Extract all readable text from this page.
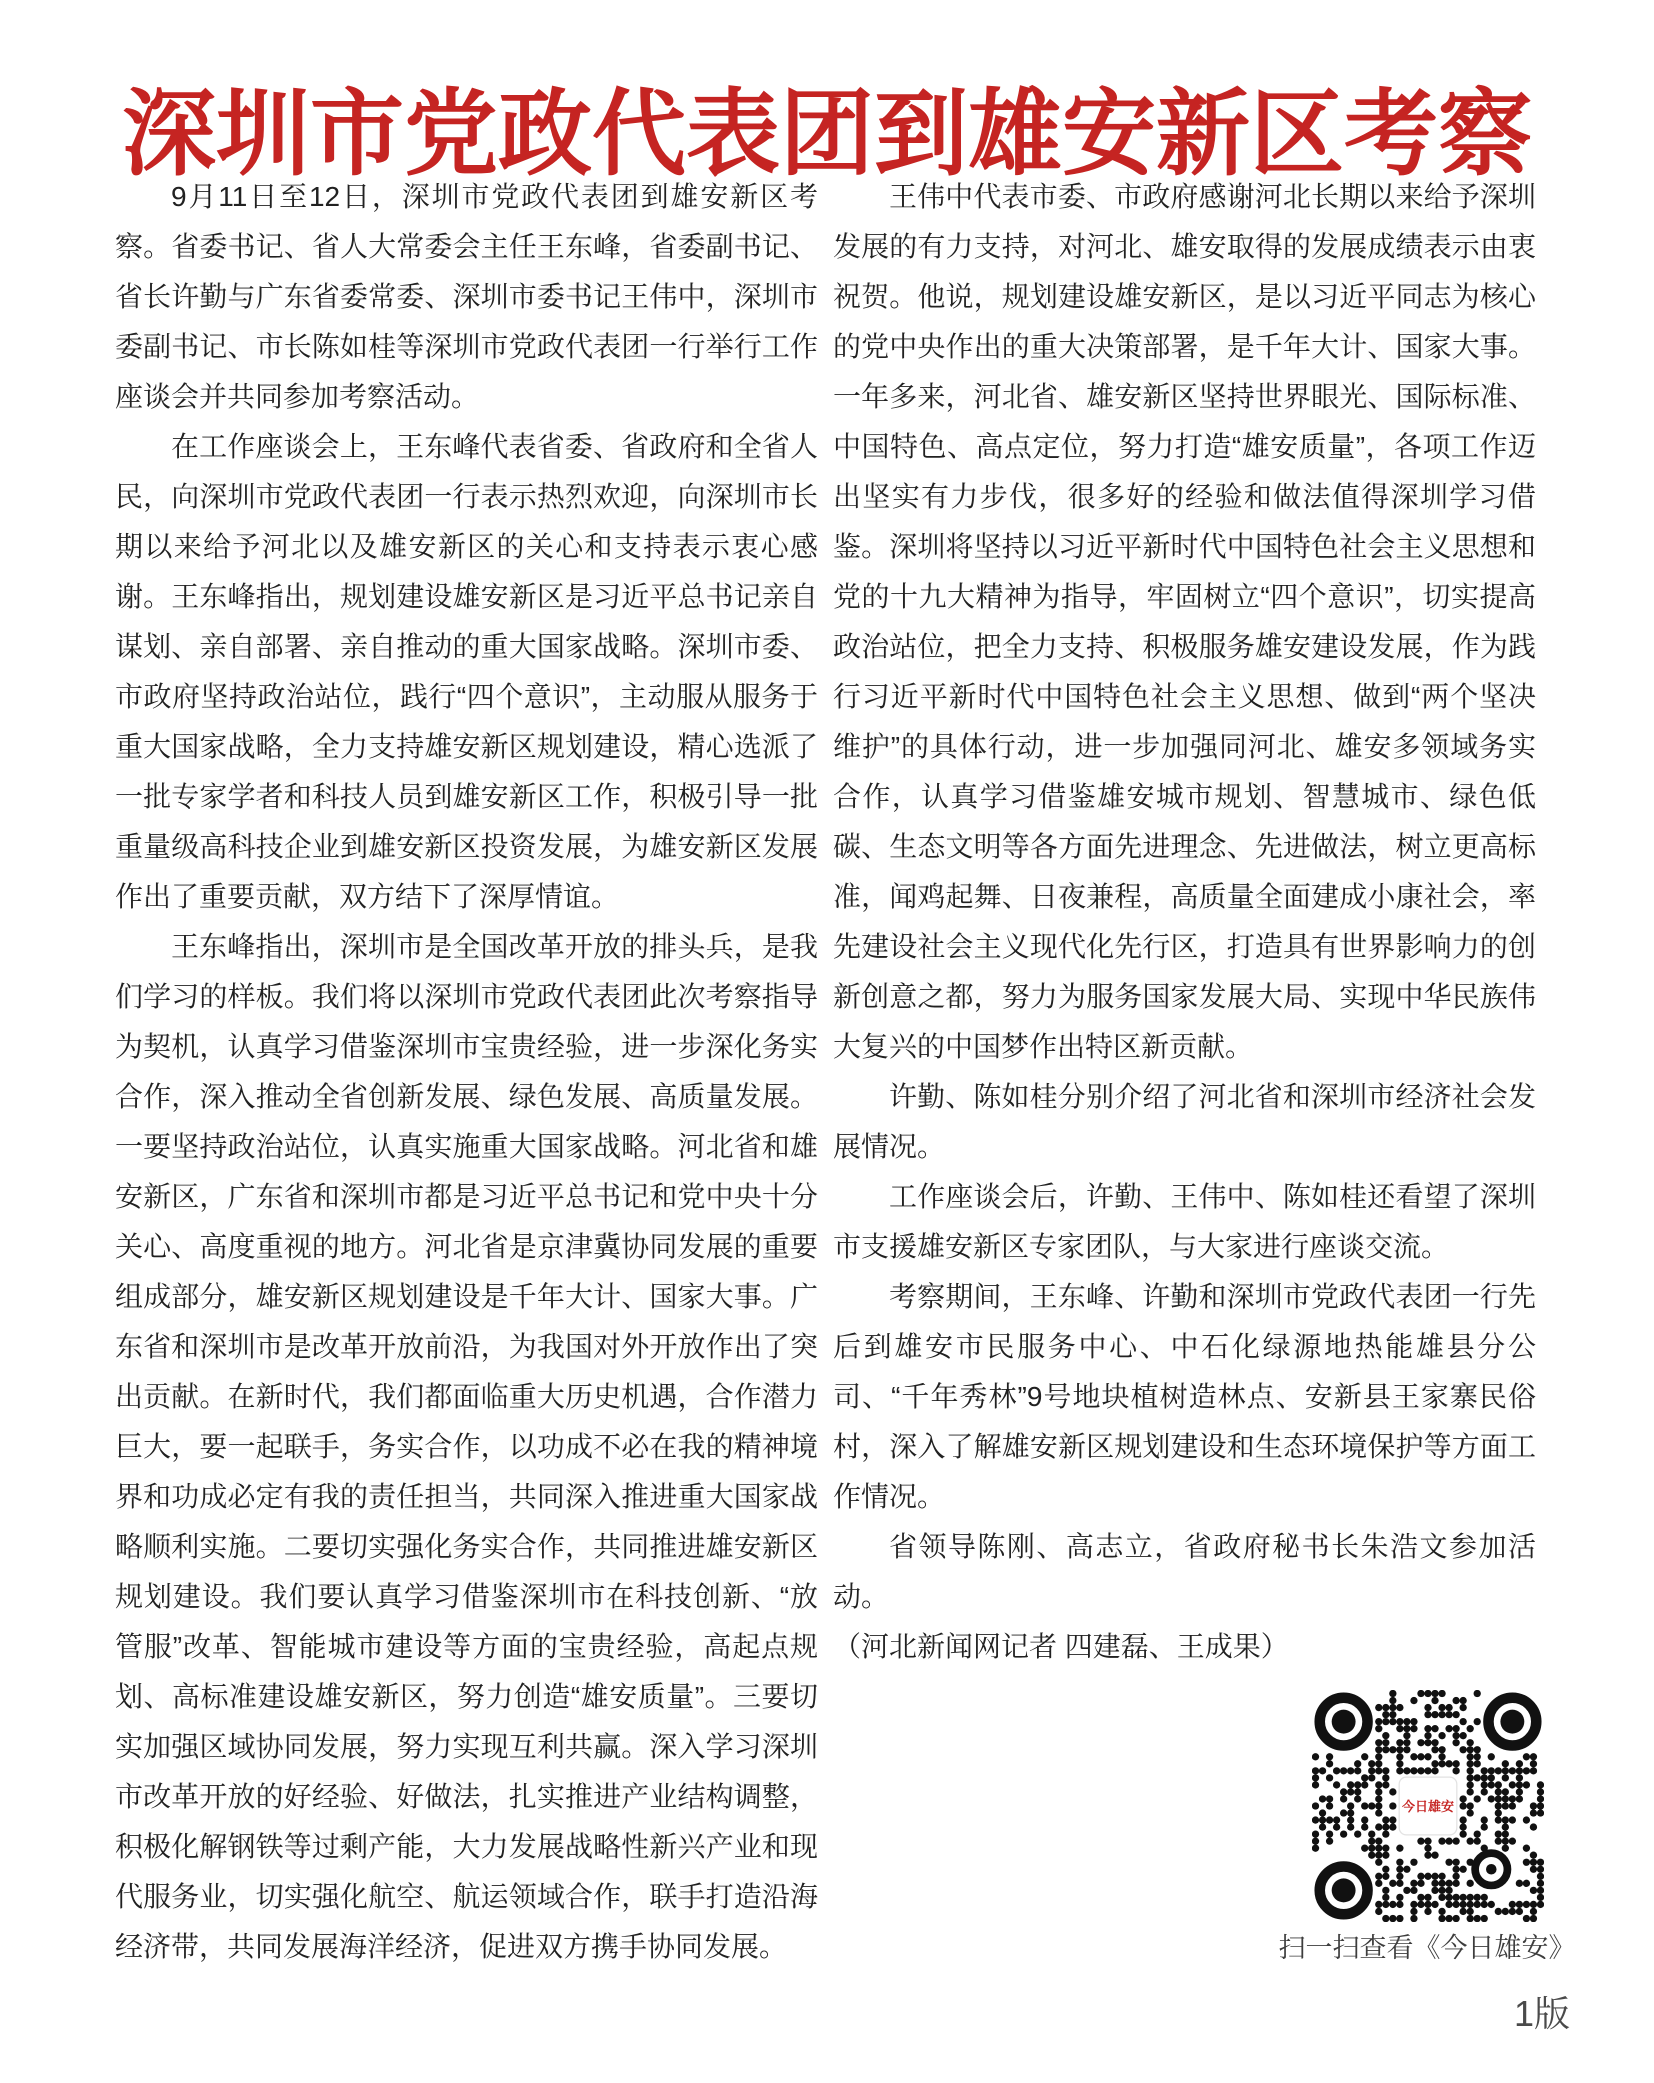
深圳市党政代表团到雄安新区考察

9月11日至12日，深圳市党政代表团到雄安新区考察。省委书记、省人大常委会主任王东峰，省委副书记、省长许勤与广东省委常委、深圳市委书记王伟中，深圳市委副书记、市长陈如桂等深圳市党政代表团一行举行工作座谈会并共同参加考察活动。

在工作座谈会上，王东峰代表省委、省政府和全省人民，向深圳市党政代表团一行表示热烈欢迎，向深圳市长期以来给予河北以及雄安新区的关心和支持表示衷心感谢。王东峰指出，规划建设雄安新区是习近平总书记亲自谋划、亲自部署、亲自推动的重大国家战略。深圳市委、市政府坚持政治站位，践行“四个意识”，主动服从服务于重大国家战略，全力支持雄安新区规划建设，精心选派了一批专家学者和科技人员到雄安新区工作，积极引导一批重量级高科技企业到雄安新区投资发展，为雄安新区发展作出了重要贡献，双方结下了深厚情谊。

王东峰指出，深圳市是全国改革开放的排头兵，是我们学习的样板。我们将以深圳市党政代表团此次考察指导为契机，认真学习借鉴深圳市宝贵经验，进一步深化务实合作，深入推动全省创新发展、绿色发展、高质量发展。一要坚持政治站位，认真实施重大国家战略。河北省和雄安新区，广东省和深圳市都是习近平总书记和党中央十分关心、高度重视的地方。河北省是京津冀协同发展的重要组成部分，雄安新区规划建设是千年大计、国家大事。广东省和深圳市是改革开放前沿，为我国对外开放作出了突出贡献。在新时代，我们都面临重大历史机遇，合作潜力巨大，要一起联手，务实合作，以功成不必在我的精神境界和功成必定有我的责任担当，共同深入推进重大国家战略顺利实施。二要切实强化务实合作，共同推进雄安新区规划建设。我们要认真学习借鉴深圳市在科技创新、“放管服”改革、智能城市建设等方面的宝贵经验，高起点规划、高标准建设雄安新区，努力创造“雄安质量”。三要切实加强区域协同发展，努力实现互利共赢。深入学习深圳市改革开放的好经验、好做法，扎实推进产业结构调整，积极化解钢铁等过剩产能，大力发展战略性新兴产业和现代服务业，切实强化航空、航运领域合作，联手打造沿海经济带，共同发展海洋经济，促进双方携手协同发展。

王伟中代表市委、市政府感谢河北长期以来给予深圳发展的有力支持，对河北、雄安取得的发展成绩表示由衷祝贺。他说，规划建设雄安新区，是以习近平同志为核心的党中央作出的重大决策部署，是千年大计、国家大事。一年多来，河北省、雄安新区坚持世界眼光、国际标准、中国特色、高点定位，努力打造“雄安质量”，各项工作迈出坚实有力步伐，很多好的经验和做法值得深圳学习借鉴。深圳将坚持以习近平新时代中国特色社会主义思想和党的十九大精神为指导，牢固树立“四个意识”，切实提高政治站位，把全力支持、积极服务雄安建设发展，作为践行习近平新时代中国特色社会主义思想、做到“两个坚决维护”的具体行动，进一步加强同河北、雄安多领域务实合作，认真学习借鉴雄安城市规划、智慧城市、绿色低碳、生态文明等各方面先进理念、先进做法，树立更高标准，闻鸡起舞、日夜兼程，高质量全面建成小康社会，率先建设社会主义现代化先行区，打造具有世界影响力的创新创意之都，努力为服务国家发展大局、实现中华民族伟大复兴的中国梦作出特区新贡献。

许勤、陈如桂分别介绍了河北省和深圳市经济社会发展情况。

工作座谈会后，许勤、王伟中、陈如桂还看望了深圳市支援雄安新区专家团队，与大家进行座谈交流。

考察期间，王东峰、许勤和深圳市党政代表团一行先后到雄安市民服务中心、中石化绿源地热能雄县分公司、“千年秀林”9号地块植树造林点、安新县王家寨民俗村，深入了解雄安新区规划建设和生态环境保护等方面工作情况。

省领导陈刚、高志立，省政府秘书长朱浩文参加活动。

（河北新闻网记者 四建磊、王成果）

今日雄安
扫一扫查看《今日雄安》
1版
